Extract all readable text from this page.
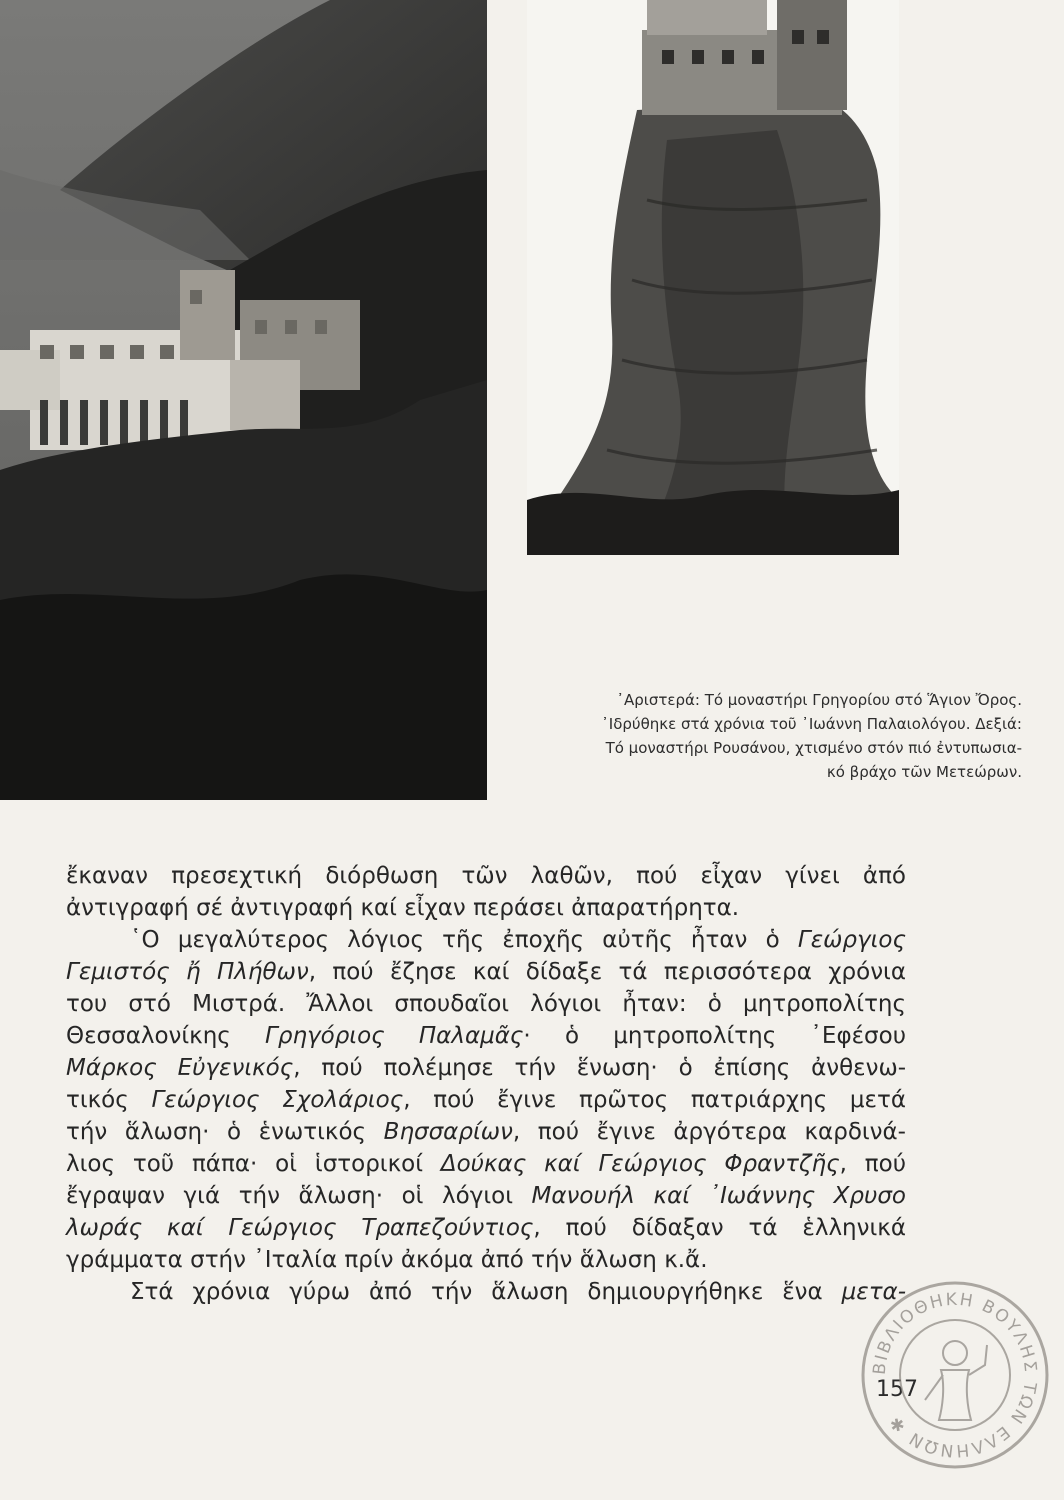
᾿Αριστερά: Τό μοναστήρι Γρηγορίου στό Ἅγιον Ὄρος.
᾿Ιδρύθηκε στά χρόνια τοῦ ᾿Ιωάννη Παλαιολόγου. Δεξιά:
Τό μοναστήρι Ρουσάνου, χτισμένο στόν πιό ἐντυπωσια-
κό βράχο τῶν Μετεώρων.
ἔκαναν πρεσεχτική διόρθωση τῶν λαθῶν, πού εἶχαν γίνει ἀπό
ἀντιγραφή σέ ἀντιγραφή καί εἶχαν περάσει ἀπαρατήρητα.
῾Ο μεγαλύτερος λόγιος τῆς ἐποχῆς αὐτῆς ἦταν ὁ Γεώργιος
Γεμιστός ἤ Πλήθων, πού ἔζησε καί δίδαξε τά περισσότερα χρόνια
του στό Μιστρά. Ἄλλοι σπουδαῖοι λόγιοι ἦταν: ὁ μητροπολίτης
Θεσσαλονίκης Γρηγόριος Παλαμᾶς· ὁ μητροπολίτης ᾿Εφέσου
Μάρκος Εὐγενικός, πού πολέμησε τήν ἕνωση· ὁ ἐπίσης ἀνθενω-
τικός Γεώργιος Σχολάριος, πού ἔγινε πρῶτος πατριάρχης μετά
τήν ἅλωση· ὁ ἑνωτικός Βησσαρίων, πού ἔγινε ἀργότερα καρδινά-
λιος τοῦ πάπα· οἱ ἱστορικοί Δούκας καί Γεώργιος Φραντζῆς, πού
ἔγραψαν γιά τήν ἅλωση· οἱ λόγιοι Μανουήλ καί ᾿Ιωάννης Χρυσο
λωράς καί Γεώργιος Τραπεζούντιος, πού δίδαξαν τά ἑλληνικά
γράμματα στήν ᾿Ιταλία πρίν ἀκόμα ἀπό τήν ἅλωση κ.ἄ.
Στά χρόνια γύρω ἀπό τήν ἅλωση δημιουργήθηκε ἕνα μετα-
157
ΒΙΒΛΙΟΘΗΚΗ ΒΟΥΛΗΣ ΤΩΝ ΕΛΛΗΝΩΝ ✱
